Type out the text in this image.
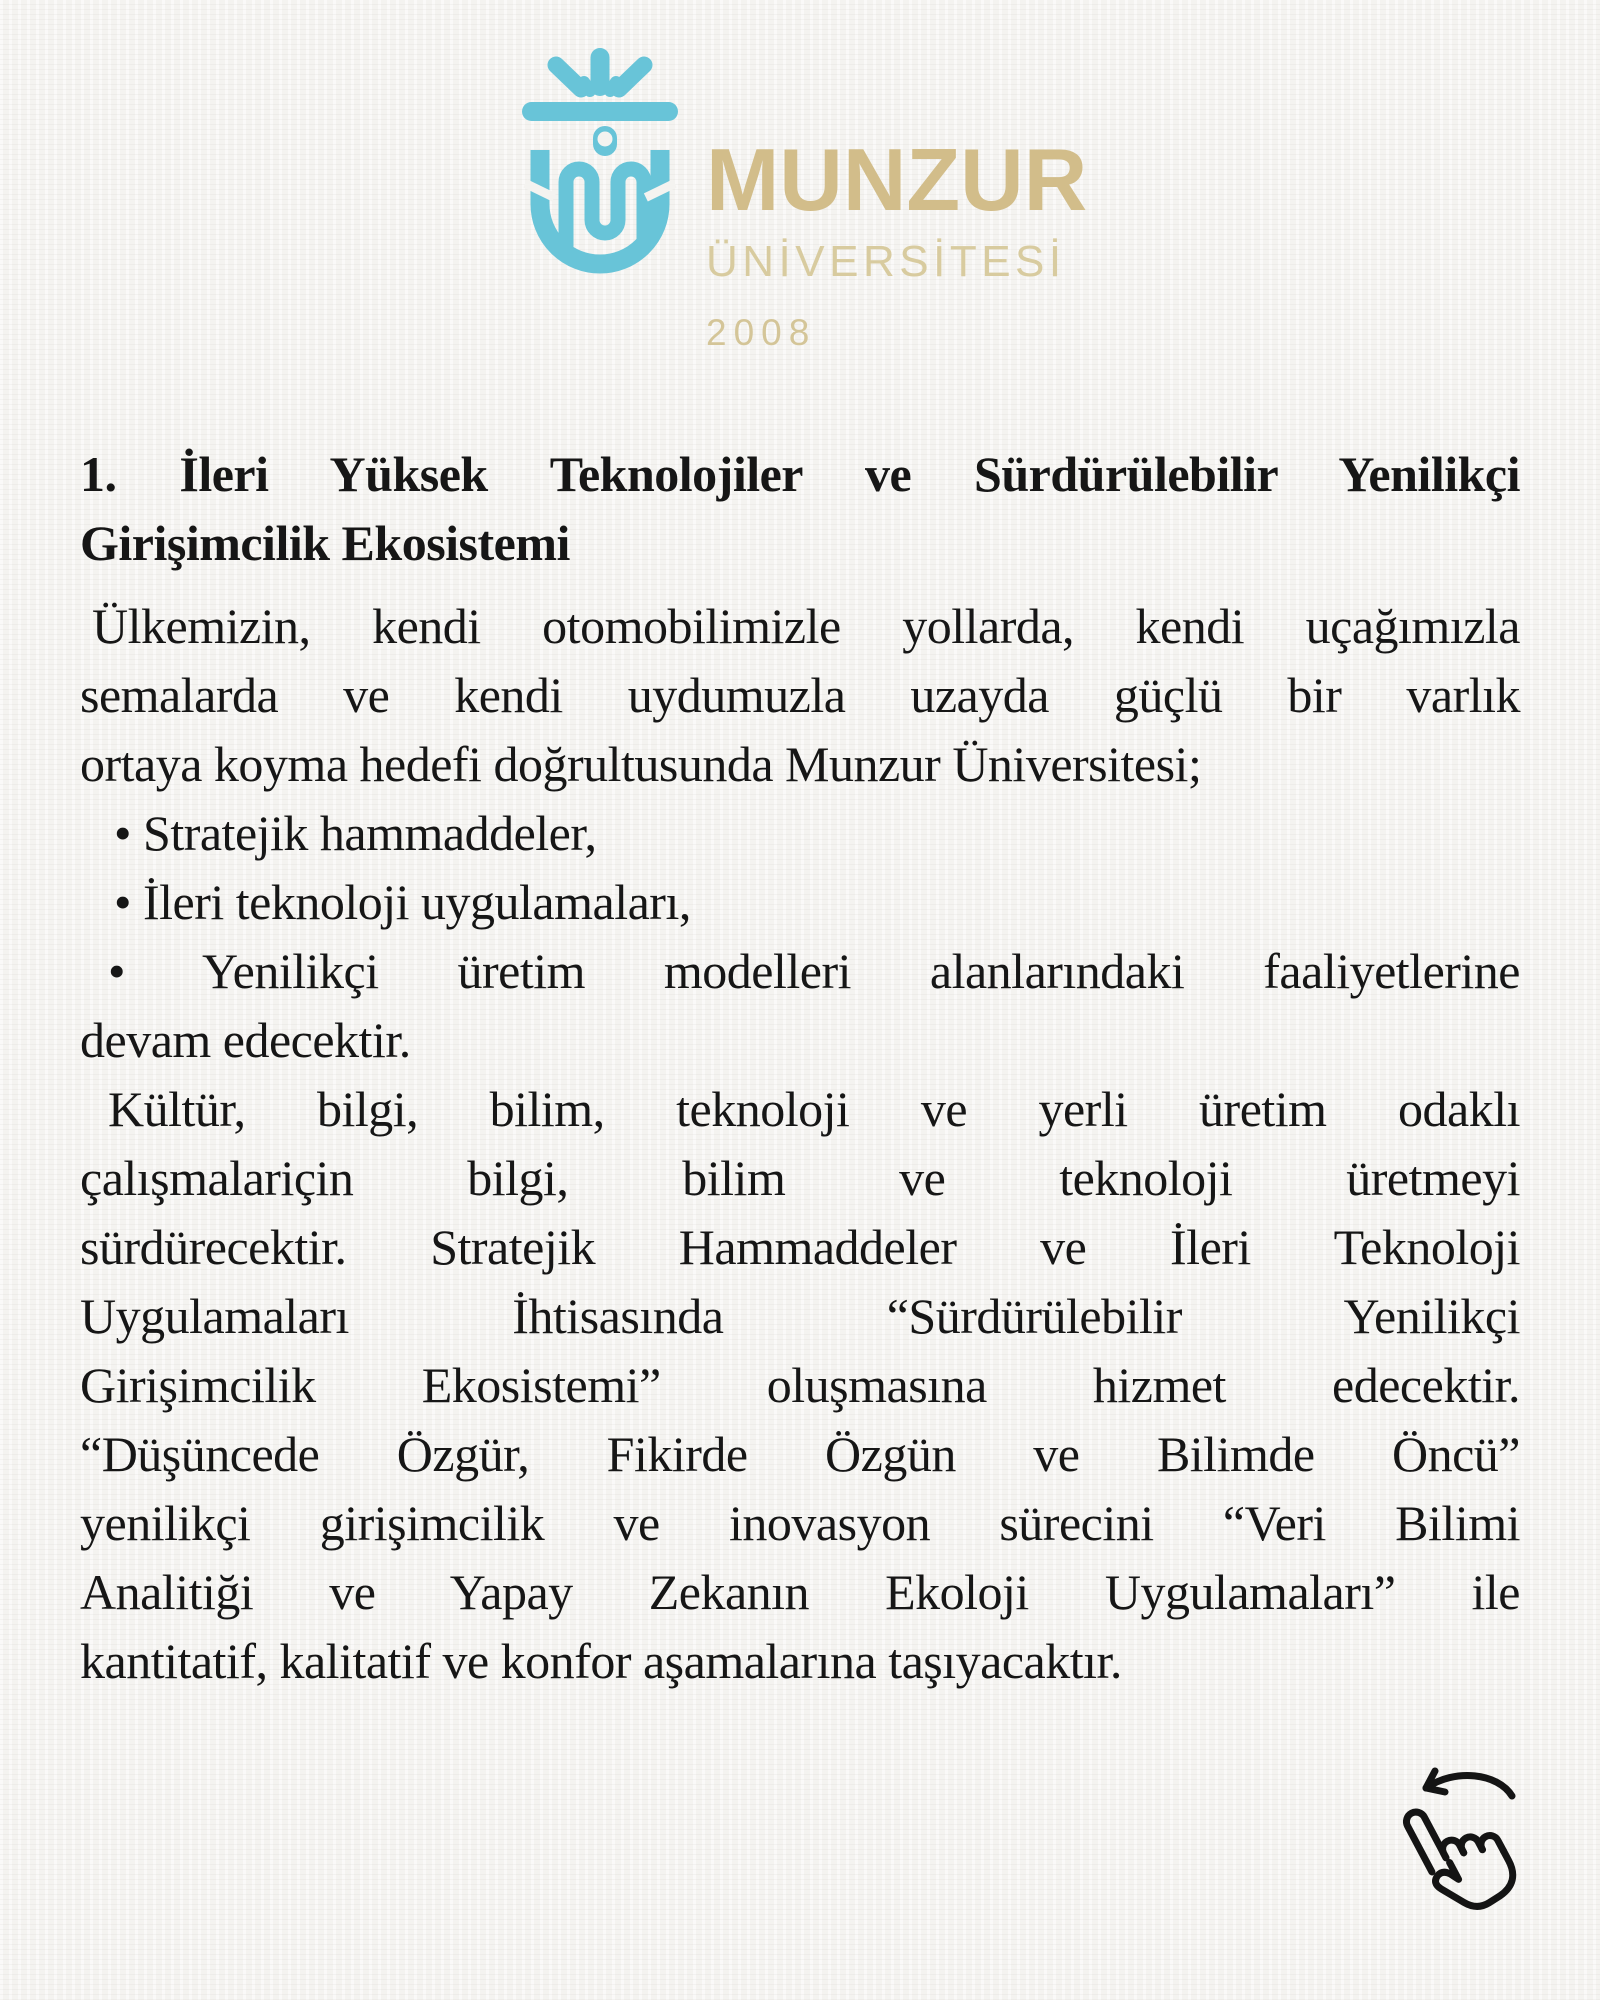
MUNZUR
ÜNİVERSİTESİ
2008
1. İleri Yüksek Teknolojiler ve Sürdürülebilir Yenilikçi
Girişimcilik Ekosistemi
Ülkemizin, kendi otomobilimizle yollarda, kendi uçağımızla
semalarda ve kendi uydumuzla uzayda güçlü bir varlık
ortaya koyma hedefi doğrultusunda Munzur Üniversitesi;
• Stratejik hammaddeler,
• İleri teknoloji uygulamaları,
• Yenilikçi üretim modelleri alanlarındaki faaliyetlerine
devam edecektir.
Kültür, bilgi, bilim, teknoloji ve yerli üretim odaklı
çalışmalariçin bilgi, bilim ve teknoloji üretmeyi
sürdürecektir. Stratejik Hammaddeler ve İleri Teknoloji
Uygulamaları İhtisasında “Sürdürülebilir Yenilikçi
Girişimcilik Ekosistemi” oluşmasına hizmet edecektir.
“Düşüncede Özgür, Fikirde Özgün ve Bilimde Öncü”
yenilikçi girişimcilik ve inovasyon sürecini “Veri Bilimi
Analitiği ve Yapay Zekanın Ekoloji Uygulamaları” ile
kantitatif, kalitatif ve konfor aşamalarına taşıyacaktır.
